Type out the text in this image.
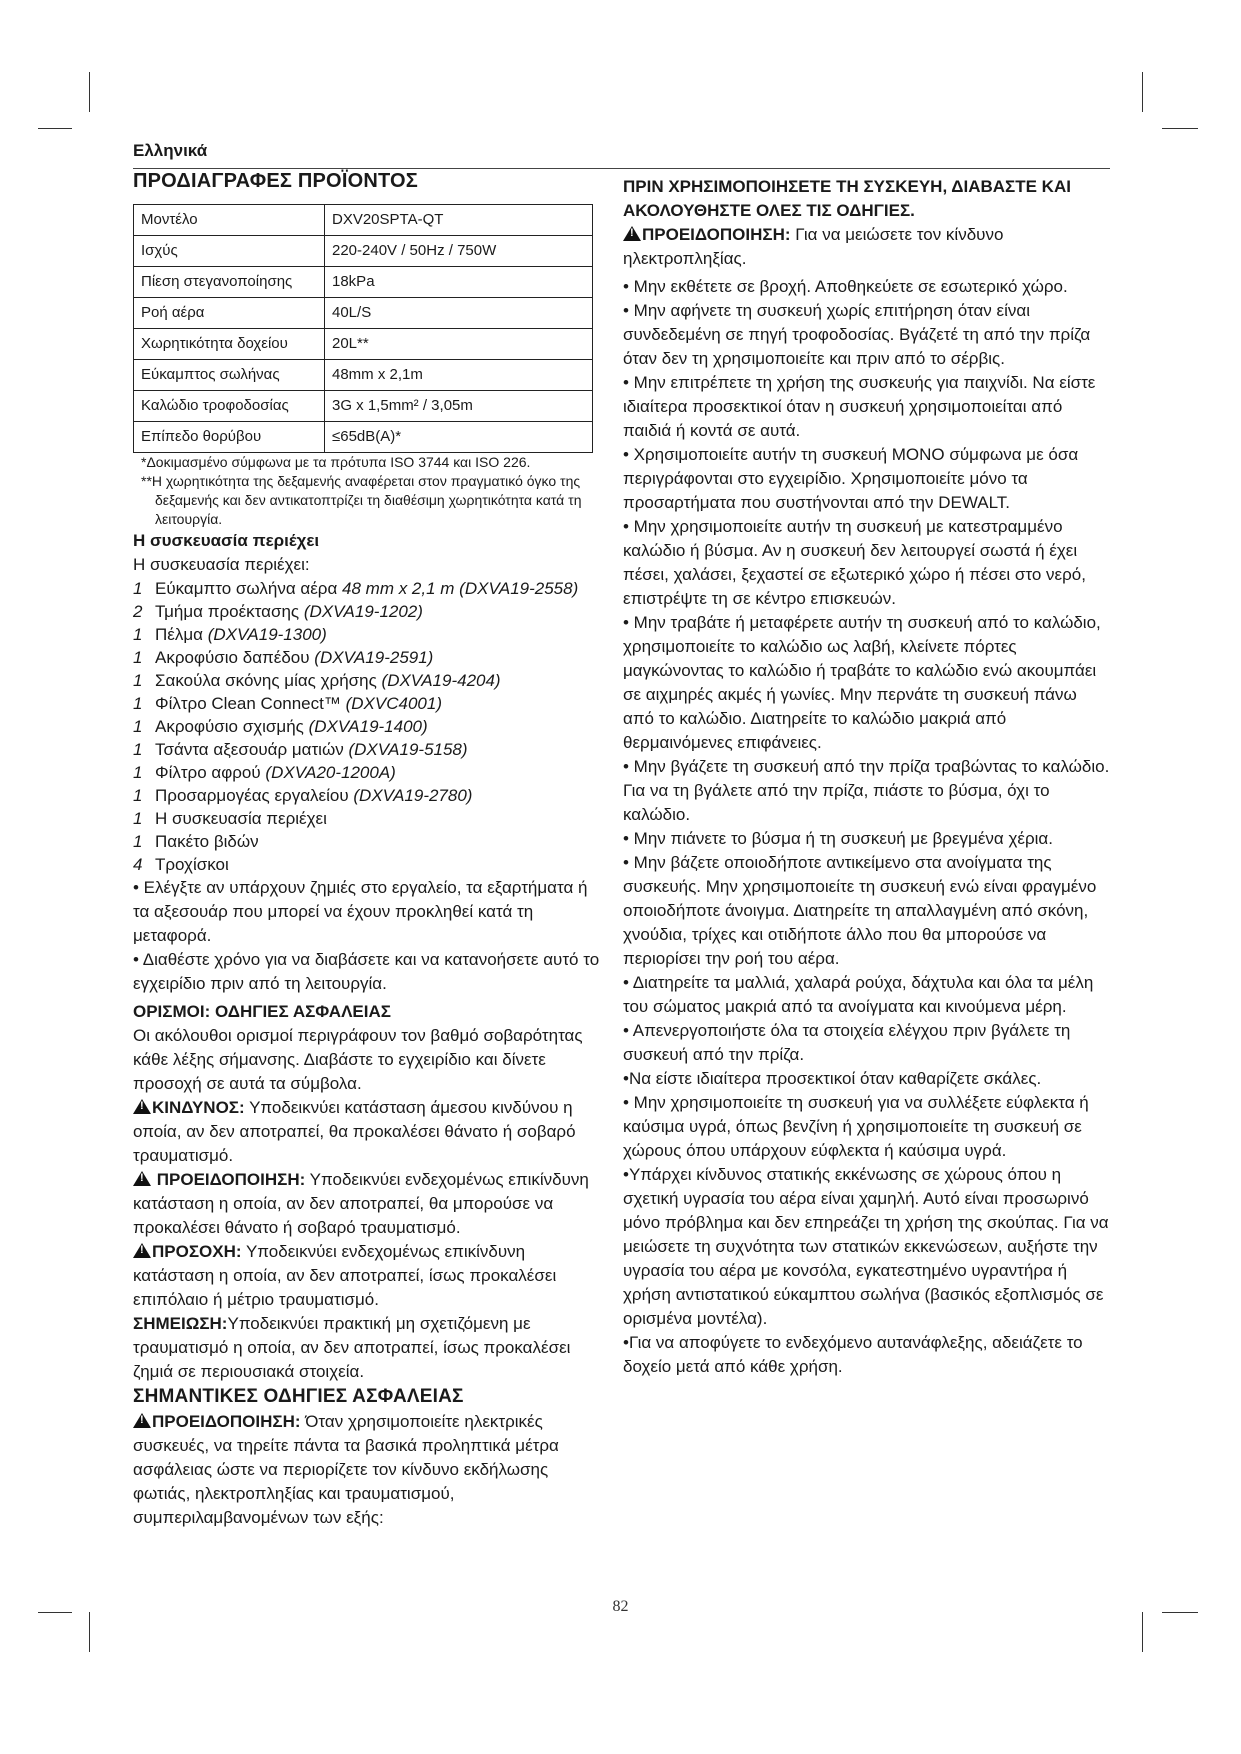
Ελληνικά
ΠΡΟΔΙΑΓΡΑΦΕΣ ΠΡΟΪΟΝΤΟΣ
Μοντέλο	DXV20SPTA-QT
Ισχύς	220-240V / 50Hz / 750W
Πίεση στεγανοποίησης	18kPa
Ροή αέρα	40L/S
Χωρητικότητα δοχείου	20L**
Εύκαμπτος σωλήνας	48mm x 2,1m
Καλώδιο τροφοδοσίας	3G x 1,5mm² / 3,05m
Επίπεδο θορύβου	≤65dB(A)*

*Δοκιμασμένο σύμφωνα με τα πρότυπα ISO 3744 και ISO 226.

**Η χωρητικότητα της δεξαμενής αναφέρεται στον πραγματικό όγκο της δεξαμενής και δεν αντικατοπτρίζει τη διαθέσιμη χωρητικότητα κατά τη λειτουργία.

Η συσκευασία περιέχει

Η συσκευασία περιέχει:

1 Εύκαμπτο σωλήνα αέρα 48 mm x 2,1 m (DXVA19-2558)
2 Τμήμα προέκτασης (DXVA19-1202)
1 Πέλμα (DXVA19-1300)
1 Ακροφύσιο δαπέδου (DXVA19-2591)
1 Σακούλα σκόνης μίας χρήσης (DXVA19-4204)
1 Φίλτρο Clean Connect™ (DXVC4001)
1 Ακροφύσιο σχισμής (DXVA19-1400)
1 Τσάντα αξεσουάρ ματιών (DXVA19-5158)
1 Φίλτρο αφρού (DXVA20-1200A)
1 Προσαρμογέας εργαλείου (DXVA19-2780)
1 Η συσκευασία περιέχει
1 Πακέτο βιδών
4 Τροχίσκοι

• Ελέγξτε αν υπάρχουν ζημιές στο εργαλείο, τα εξαρτήματα ή τα αξεσουάρ που μπορεί να έχουν προκληθεί κατά τη μεταφορά.

• Διαθέστε χρόνο για να διαβάσετε και να κατανοήσετε αυτό το εγχειρίδιο πριν από τη λειτουργία.

ΟΡΙΣΜΟΙ: ΟΔΗΓΙΕΣ ΑΣΦΑΛΕΙΑΣ

Οι ακόλουθοι ορισμοί περιγράφουν τον βαθμό σοβαρότητας κάθε λέξης σήμανσης. Διαβάστε το εγχειρίδιο και δίνετε προσοχή σε αυτά τα σύμβολα.

!ΚΙΝΔΥΝΟΣ: Υποδεικνύει κατάσταση άμεσου κινδύνου η οποία, αν δεν αποτραπεί, θα προκαλέσει θάνατο ή σοβαρό τραυματισμό.

! ΠΡΟΕΙΔΟΠΟΙΗΣΗ: Υποδεικνύει ενδεχομένως επικίνδυνη κατάσταση η οποία, αν δεν αποτραπεί, θα μπορούσε να προκαλέσει θάνατο ή σοβαρό τραυματισμό.

!ΠΡΟΣΟΧΗ: Υποδεικνύει ενδεχομένως επικίνδυνη κατάσταση η οποία, αν δεν αποτραπεί, ίσως προκαλέσει επιπόλαιο ή μέτριο τραυματισμό.

ΣΗΜΕΙΩΣΗ:Υποδεικνύει πρακτική μη σχετιζόμενη με τραυματισμό η οποία, αν δεν αποτραπεί, ίσως προκαλέσει ζημιά σε περιουσιακά στοιχεία.

ΣΗΜΑΝΤΙΚΕΣ ΟΔΗΓΙΕΣ ΑΣΦΑΛΕΙΑΣ

!ΠΡΟΕΙΔΟΠΟΙΗΣΗ: Όταν χρησιμοποιείτε ηλεκτρικές συσκευές, να τηρείτε πάντα τα βασικά προληπτικά μέτρα ασφάλειας ώστε να περιορίζετε τον κίνδυνο εκδήλωσης φωτιάς, ηλεκτροπληξίας και τραυματισμού, συμπεριλαμβανομένων των εξής:

ΠΡΙΝ ΧΡΗΣΙΜΟΠΟΙΗΣΕΤΕ ΤΗ ΣΥΣΚΕΥΗ, ΔΙΑΒΑΣΤΕ ΚΑΙ ΑΚΟΛΟΥΘΗΣΤΕ ΟΛΕΣ ΤΙΣ ΟΔΗΓΙΕΣ.

!ΠΡΟΕΙΔΟΠΟΙΗΣΗ: Για να μειώσετε τον κίνδυνο ηλεκτροπληξίας.

• Μην εκθέτετε σε βροχή. Αποθηκεύετε σε εσωτερικό χώρο.

• Μην αφήνετε τη συσκευή χωρίς επιτήρηση όταν είναι συνδεδεμένη σε πηγή τροφοδοσίας. Βγάζετέ τη από την πρίζα όταν δεν τη χρησιμοποιείτε και πριν από το σέρβις.

• Μην επιτρέπετε τη χρήση της συσκευής για παιχνίδι. Να είστε ιδιαίτερα προσεκτικοί όταν η συσκευή χρησιμοποιείται από παιδιά ή κοντά σε αυτά.

• Χρησιμοποιείτε αυτήν τη συσκευή ΜΟΝΟ σύμφωνα με όσα περιγράφονται στο εγχειρίδιο. Χρησιμοποιείτε μόνο τα προσαρτήματα που συστήνονται από την DEWALT.

• Μην χρησιμοποιείτε αυτήν τη συσκευή με κατεστραμμένο καλώδιο ή βύσμα. Αν η συσκευή δεν λειτουργεί σωστά ή έχει πέσει, χαλάσει, ξεχαστεί σε εξωτερικό χώρο ή πέσει στο νερό, επιστρέψτε τη σε κέντρο επισκευών.

• Μην τραβάτε ή μεταφέρετε αυτήν τη συσκευή από το καλώδιο, χρησιμοποιείτε το καλώδιο ως λαβή, κλείνετε πόρτες μαγκώνοντας το καλώδιο ή τραβάτε το καλώδιο ενώ ακουμπάει σε αιχμηρές ακμές ή γωνίες. Μην περνάτε τη συσκευή πάνω από το καλώδιο. Διατηρείτε το καλώδιο μακριά από θερμαινόμενες επιφάνειες.

• Μην βγάζετε τη συσκευή από την πρίζα τραβώντας το καλώδιο. Για να τη βγάλετε από την πρίζα, πιάστε το βύσμα, όχι το καλώδιο.

• Μην πιάνετε το βύσμα ή τη συσκευή με βρεγμένα χέρια.

• Μην βάζετε οποιοδήποτε αντικείμενο στα ανοίγματα της συσκευής. Μην χρησιμοποιείτε τη συσκευή ενώ είναι φραγμένο οποιοδήποτε άνοιγμα. Διατηρείτε τη απαλλαγμένη από σκόνη, χνούδια, τρίχες και οτιδήποτε άλλο που θα μπορούσε να περιορίσει την ροή του αέρα.

• Διατηρείτε τα μαλλιά, χαλαρά ρούχα, δάχτυλα και όλα τα μέλη του σώματος μακριά από τα ανοίγματα και κινούμενα μέρη.

• Απενεργοποιήστε όλα τα στοιχεία ελέγχου πριν βγάλετε τη συσκευή από την πρίζα.

•Να είστε ιδιαίτερα προσεκτικοί όταν καθαρίζετε σκάλες.

• Μην χρησιμοποιείτε τη συσκευή για να συλλέξετε εύφλεκτα ή καύσιμα υγρά, όπως βενζίνη ή χρησιμοποιείτε τη συσκευή σε χώρους όπου υπάρχουν εύφλεκτα ή καύσιμα υγρά.

•Υπάρχει κίνδυνος στατικής εκκένωσης σε χώρους όπου η σχετική υγρασία του αέρα είναι χαμηλή. Αυτό είναι προσωρινό μόνο πρόβλημα και δεν επηρεάζει τη χρήση της σκούπας. Για να μειώσετε τη συχνότητα των στατικών εκκενώσεων, αυξήστε την υγρασία του αέρα με κονσόλα, εγκατεστημένο υγραντήρα ή χρήση αντιστατικού εύκαμπτου σωλήνα (βασικός εξοπλισμός σε ορισμένα μοντέλα).

•Για να αποφύγετε το ενδεχόμενο αυτανάφλεξης, αδειάζετε το δοχείο μετά από κάθε χρήση.

82
